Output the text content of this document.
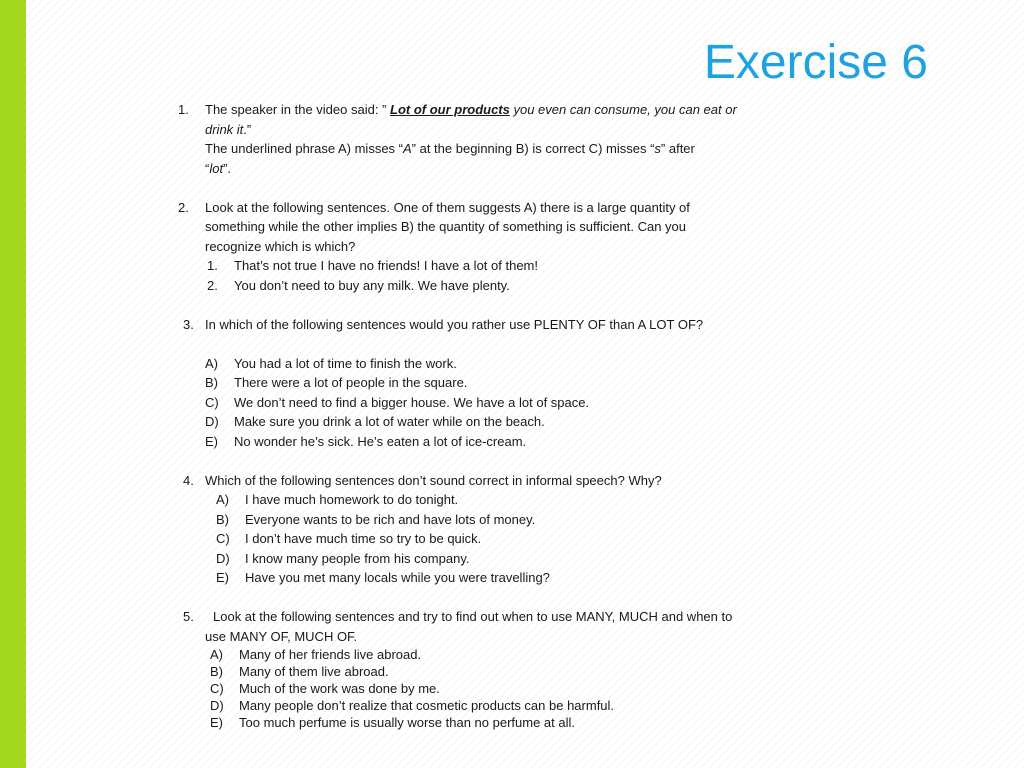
Exercise 6
1. The speaker in the video said: ” Lot of our products you even can consume, you can eat or
drink it.”
The underlined phrase A) misses “A” at the beginning B) is correct C) misses “s” after
“lot”.
2. Look at the following sentences. One of them suggests A) there is a large quantity of
something while the other implies B) the quantity of something is sufficient. Can you
recognize which is which?
1. That’s not true I have no friends! I have a lot of them!
2. You don’t need to buy any milk. We have plenty.
3. In which of the following sentences would you rather use PLENTY OF than A LOT OF?
A) You had a lot of time to finish the work.
B) There were a lot of people in the square.
C) We don’t need to find a bigger house. We have a lot of space.
D) Make sure you drink a lot of water while on the beach.
E) No wonder he’s sick. He’s eaten a lot of ice-cream.
4. Which of the following sentences don’t sound correct in informal speech? Why?
A) I have much homework to do tonight.
B) Everyone wants to be rich and have lots of money.
C) I don’t have much time so try to be quick.
D) I know many people from his company.
E) Have you met many locals while you were travelling?
5. Look at the following sentences and try to find out when to use MANY, MUCH and when to
use MANY OF, MUCH OF.
A) Many of her friends live abroad.
B) Many of them live abroad.
C) Much of the work was done by me.
D) Many people don’t realize that cosmetic products can be harmful.
E) Too much perfume is usually worse than no perfume at all.
